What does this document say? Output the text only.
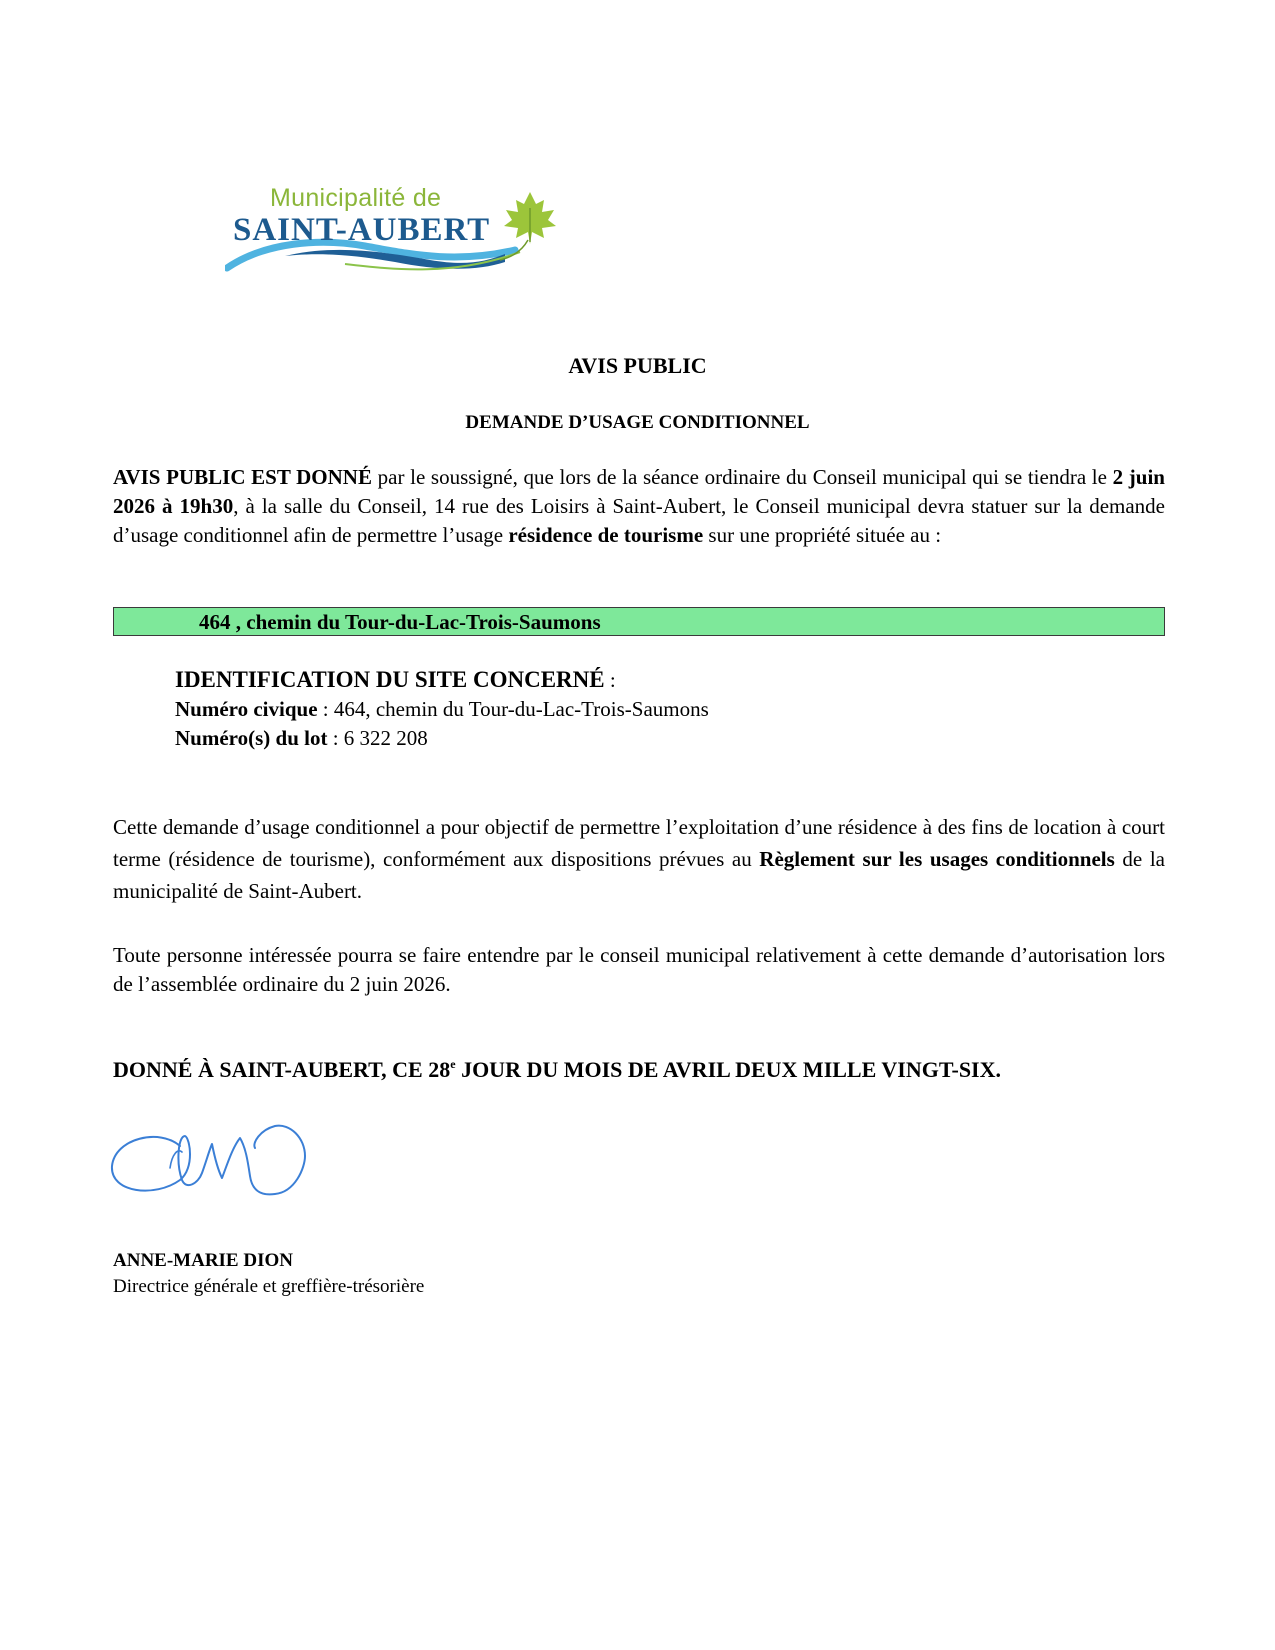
Municipalité de
SAINT-AUBERT
AVIS PUBLIC
DEMANDE D’USAGE CONDITIONNEL
AVIS PUBLIC EST DONNÉ par le soussigné, que lors de la séance ordinaire du Conseil municipal qui se tiendra le 2 juin 2026 à 19h30, à la salle du Conseil, 14 rue des Loisirs à Saint-Aubert, le Conseil municipal devra statuer sur la demande d’usage conditionnel afin de permettre l’usage résidence de tourisme sur une propriété située au :
464 , chemin du Tour-du-Lac-Trois-Saumons
IDENTIFICATION DU SITE CONCERNÉ :
Numéro civique : 464, chemin du Tour-du-Lac-Trois-Saumons
Numéro(s) du lot : 6 322 208
Cette demande d’usage conditionnel a pour objectif de permettre l’exploitation d’une résidence à des fins de location à court terme (résidence de tourisme), conformément aux dispositions prévues au Règlement sur les usages conditionnels de la municipalité de Saint-Aubert.
Toute personne intéressée pourra se faire entendre par le conseil municipal relativement à cette demande d’autorisation lors de l’assemblée ordinaire du 2 juin 2026.
DONNÉ À SAINT-AUBERT, CE 28e JOUR DU MOIS DE AVRIL DEUX MILLE VINGT-SIX.
ANNE-MARIE DION
Directrice générale et greffière-trésorière
